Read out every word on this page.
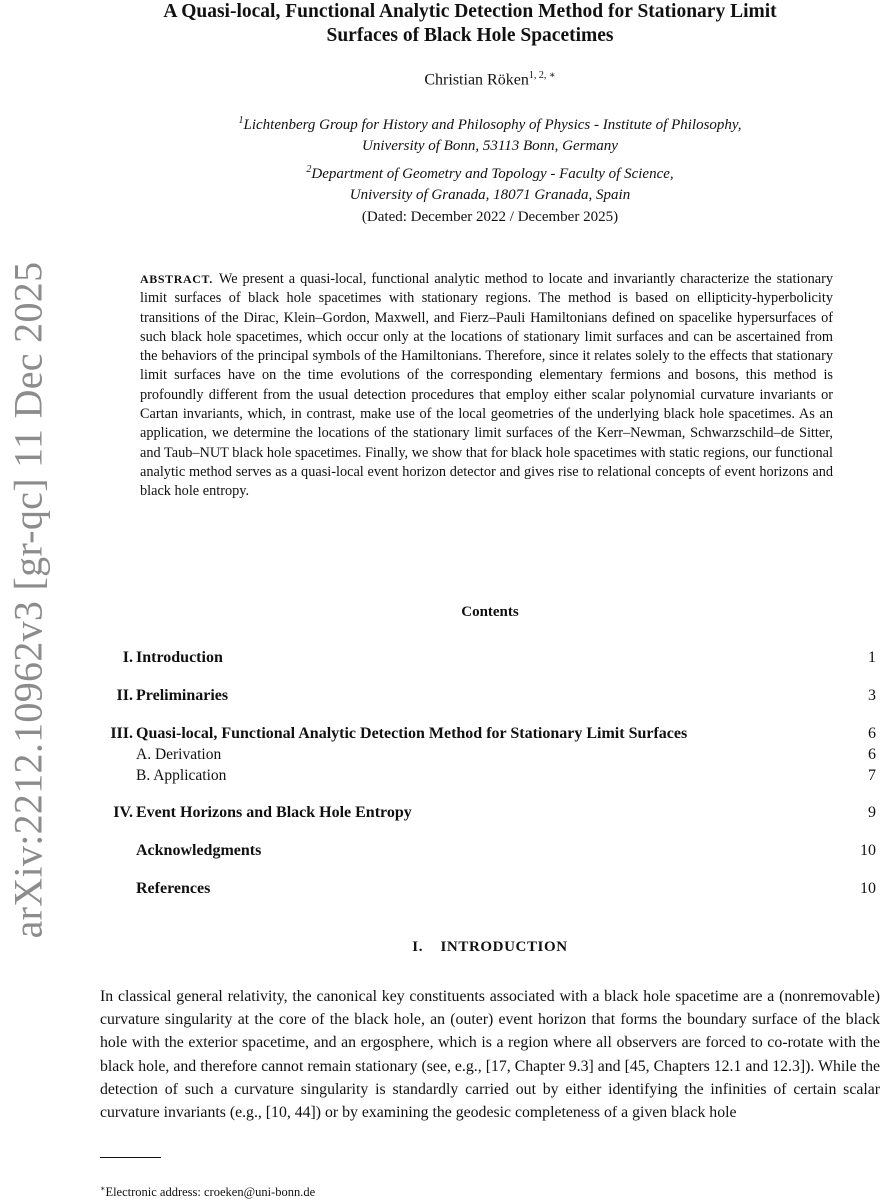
arXiv:2212.10962v3 [gr-qc] 11 Dec 2025
A Quasi-local, Functional Analytic Detection Method for Stationary Limit Surfaces of Black Hole Spacetimes
Christian Röken$^{1, 2, ∗}$
$^1$Lichtenberg Group for History and Philosophy of Physics - Institute of Philosophy,
University of Bonn, 53113 Bonn, Germany
$^2$Department of Geometry and Topology - Faculty of Science,
University of Granada, 18071 Granada, Spain
(Dated: December 2022 / December 2025)
ABSTRACT. We present a quasi-local, functional analytic method to locate and invariantly characterize the stationary limit surfaces of black hole spacetimes with stationary regions. The method is based on ellipticity-hyperbolicity transitions of the Dirac, Klein–Gordon, Maxwell, and Fierz–Pauli Hamiltonians defined on spacelike hypersurfaces of such black hole spacetimes, which occur only at the locations of stationary limit surfaces and can be ascertained from the behaviors of the principal symbols of the Hamiltonians. Therefore, since it relates solely to the effects that stationary limit surfaces have on the time evolutions of the corresponding elementary fermions and bosons, this method is profoundly different from the usual detection procedures that employ either scalar polynomial curvature invariants or Cartan invariants, which, in contrast, make use of the local geometries of the underlying black hole spacetimes. As an application, we determine the locations of the stationary limit surfaces of the Kerr–Newman, Schwarzschild–de Sitter, and Taub–NUT black hole spacetimes. Finally, we show that for black hole spacetimes with static regions, our functional analytic method serves as a quasi-local event horizon detector and gives rise to relational concepts of event horizons and black hole entropy.
Contents
I. Introduction	1
II. Preliminaries	3
III. Quasi-local, Functional Analytic Detection Method for Stationary Limit Surfaces	6
A. Derivation	6
B. Application	7
IV. Event Horizons and Black Hole Entropy	9
Acknowledgments	10
References	10
I.    INTRODUCTION
In classical general relativity, the canonical key constituents associated with a black hole spacetime are a (nonremovable) curvature singularity at the core of the black hole, an (outer) event horizon that forms the boundary surface of the black hole with the exterior spacetime, and an ergosphere, which is a region where all observers are forced to co-rotate with the black hole, and therefore cannot remain stationary (see, e.g., [17, Chapter 9.3] and [45, Chapters 12.1 and 12.3]). While the detection of such a curvature singularity is standardly carried out by either identifying the infinities of certain scalar curvature invariants (e.g., [10, 44]) or by examining the geodesic completeness of a given black hole
∗Electronic address: croeken@uni-bonn.de
